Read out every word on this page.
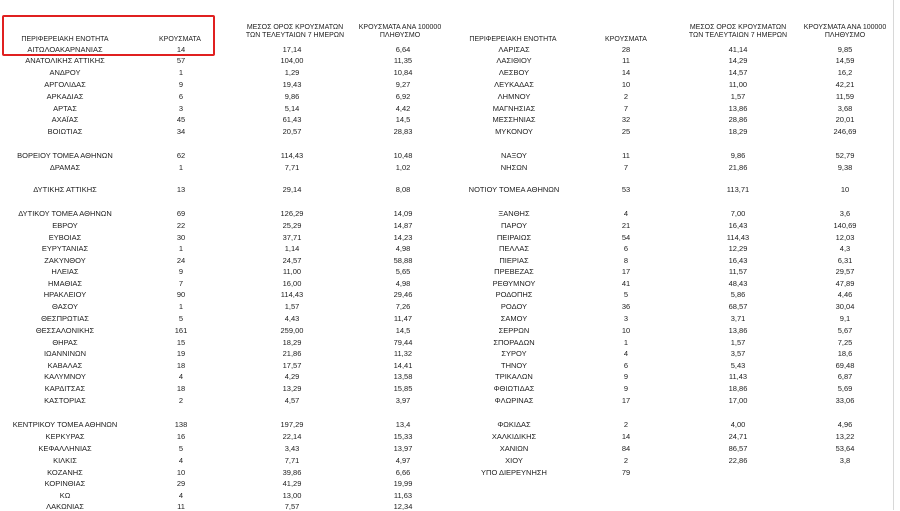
ΠΕΡΙΦΕΡΕΙΑΚΗ ΕΝΟΤΗΤΑ	ΚΡΟΥΣΜΑΤΑ
ΜΕΣΟΣ ΟΡΟΣ ΚΡΟΥΣΜΑΤΩΝ
ΤΩΝ ΤΕΛΕΥΤΑΙΩΝ 7 ΗΜΕΡΩΝ
ΚΡΟΥΣΜΑΤΑ ΑΝΑ 100000
ΠΛΗΘΥΣΜΟ
ΠΕΡΙΦΕΡΕΙΑΚΗ ΕΝΟΤΗΤΑ	ΚΡΟΥΣΜΑΤΑ
ΜΕΣΟΣ ΟΡΟΣ ΚΡΟΥΣΜΑΤΩΝ	ΚΡΟΥΣΜΑΤΑ ΑΝΑ 100000
ΤΩΝ ΤΕΛΕΥΤΑΙΩΝ 7 ΗΜΕΡΩΝ	ΠΛΗΘΥΣΜΟ
ΑΙΤΩΛΟΑΚΑΡΝΑΝΙΑΣ	14	17,14	6,64
ΑΝΑΤΟΛΙΚΗΣ ΑΤΤΙΚΗΣ	57	104,00	11,35
ΑΝΔΡΟΥ	1	1,29	10,84
ΑΡΓΟΛΙΔΑΣ	9	19,43	9,27
ΑΡΚΑΔΙΑΣ	6	9,86	6,92
ΑΡΤΑΣ	3	5,14	4,42
ΑΧΑΪΑΣ	45	61,43	14,5
ΒΟΙΩΤΙΑΣ	34	20,57	28,83
ΒΟΡΕΙΟΥ ΤΟΜΕΑ ΑΘΗΝΩΝ	62	114,43	10,48
ΔΡΑΜΑΣ	1	7,71	1,02
ΔΥΤΙΚΗΣ ΑΤΤΙΚΗΣ	13	29,14	8,08
ΔΥΤΙΚΟΥ ΤΟΜΕΑ ΑΘΗΝΩΝ	69	126,29	14,09
ΕΒΡΟΥ	22	25,29	14,87
ΕΥΒΟΙΑΣ	30	37,71	14,23
ΕΥΡΥΤΑΝΙΑΣ	1	1,14	4,98
ΖΑΚΥΝΘΟΥ	24	24,57	58,88
ΗΛΕΙΑΣ	9	11,00	5,65
ΗΜΑΘΙΑΣ	7	16,00	4,98
ΗΡΑΚΛΕΙΟΥ	90	114,43	29,46
ΘΑΣΟΥ	1	1,57	7,26
ΘΕΣΠΡΩΤΙΑΣ	5	4,43	11,47
ΘΕΣΣΑΛΟΝΙΚΗΣ	161	259,00	14,5
ΘΗΡΑΣ	15	18,29	79,44
ΙΩΑΝΝΙΝΩΝ	19	21,86	11,32
ΚΑΒΑΛΑΣ	18	17,57	14,41
ΚΑΛΥΜΝΟΥ	4	4,29	13,58
ΚΑΡΔΙΤΣΑΣ	18	13,29	15,85
ΚΑΣΤΟΡΙΑΣ	2	4,57	3,97
ΚΕΝΤΡΙΚΟΥ ΤΟΜΕΑ ΑΘΗΝΩΝ	138	197,29	13,4
ΚΕΡΚΥΡΑΣ	16	22,14	15,33
ΚΕΦΑΛΛΗΝΙΑΣ	5	3,43	13,97
ΚΙΛΚΙΣ	4	7,71	4,97
ΚΟΖΑΝΗΣ	10	39,86	6,66
ΚΟΡΙΝΘΙΑΣ	29	41,29	19,99
ΚΩ	4	13,00	11,63
ΛΑΚΩΝΙΑΣ	11	7,57	12,34
ΛΑΡΙΣΑΣ	28	41,14	9,85
ΛΑΣΙΘΙΟΥ	11	14,29	14,59
ΛΕΣΒΟΥ	14	14,57	16,2
ΛΕΥΚΑΔΑΣ	10	11,00	42,21
ΛΗΜΝΟΥ	2	1,57	11,59
ΜΑΓΝΗΣΙΑΣ	7	13,86	3,68
ΜΕΣΣΗΝΙΑΣ	32	28,86	20,01
ΜΥΚΟΝΟΥ	25	18,29	246,69
ΝΑΞΟΥ	11	9,86	52,79
ΝΗΣΩΝ	7	21,86	9,38
ΝΟΤΙΟΥ ΤΟΜΕΑ ΑΘΗΝΩΝ	53	113,71	10
ΞΑΝΘΗΣ	4	7,00	3,6
ΠΑΡΟΥ	21	16,43	140,69
ΠΕΙΡΑΙΩΣ	54	114,43	12,03
ΠΕΛΛΑΣ	6	12,29	4,3
ΠΙΕΡΙΑΣ	8	16,43	6,31
ΠΡΕΒΕΖΑΣ	17	11,57	29,57
ΡΕΘΥΜΝΟΥ	41	48,43	47,89
ΡΟΔΟΠΗΣ	5	5,86	4,46
ΡΟΔΟΥ	36	68,57	30,04
ΣΑΜΟΥ	3	3,71	9,1
ΣΕΡΡΩΝ	10	13,86	5,67
ΣΠΟΡΑΔΩΝ	1	1,57	7,25
ΣΥΡΟΥ	4	3,57	18,6
ΤΗΝΟΥ	6	5,43	69,48
ΤΡΙΚΑΛΩΝ	9	11,43	6,87
ΦΘΙΩΤΙΔΑΣ	9	18,86	5,69
ΦΛΩΡΙΝΑΣ	17	17,00	33,06
ΦΩΚΙΔΑΣ	2	4,00	4,96
ΧΑΛΚΙΔΙΚΗΣ	14	24,71	13,22
ΧΑΝΙΩΝ	84	86,57	53,64
ΧΙΟΥ	2	22,86	3,8
ΥΠΟ ΔΙΕΡΕΥΝΗΣΗ	79
